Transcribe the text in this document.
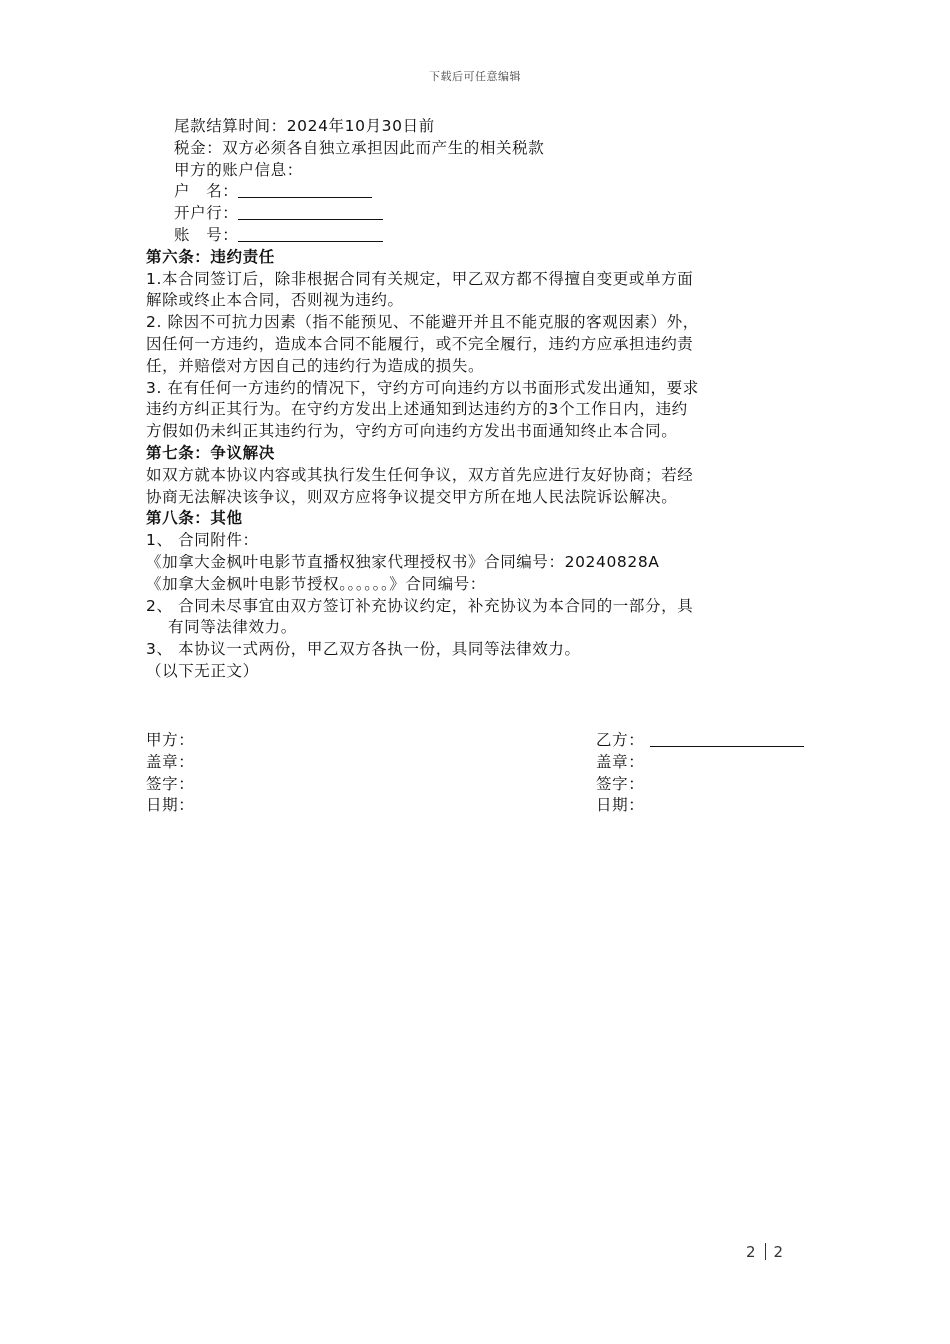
下载后可任意编辑
尾款结算时间：2024年10月30日前
税金：双方必须各自独立承担因此而产生的相关税款
甲方的账户信息：
户　名：
开户行：
账　号：
第六条：违约责任
1.本合同签订后，除非根据合同有关规定，甲乙双方都不得擅自变更或单方面
解除或终止本合同，否则视为违约。
2. 除因不可抗力因素（指不能预见、不能避开并且不能克服的客观因素）外，
因任何一方违约，造成本合同不能履行，或不完全履行，违约方应承担违约责
任，并赔偿对方因自己的违约行为造成的损失。
3. 在有任何一方违约的情况下，守约方可向违约方以书面形式发出通知，要求
违约方纠正其行为。在守约方发出上述通知到达违约方的3个工作日内，违约
方假如仍未纠正其违约行为，守约方可向违约方发出书面通知终止本合同。
第七条：争议解决
如双方就本协议内容或其执行发生任何争议，双方首先应进行友好协商；若经
协商无法解决该争议，则双方应将争议提交甲方所在地人民法院诉讼解决。
第八条：其他
1、 合同附件：
《加拿大金枫叶电影节直播权独家代理授权书》合同编号：20240828A
《加拿大金枫叶电影节授权。。。。。。》合同编号：
2、 合同未尽事宜由双方签订补充协议约定，补充协议为本合同的一部分，具
有同等法律效力。
3、 本协议一式两份，甲乙双方各执一份，具同等法律效力。
（以下无正文）
甲方：
盖章：
签字：
日期：
乙方：
盖章：
签字：
日期：
2 2
